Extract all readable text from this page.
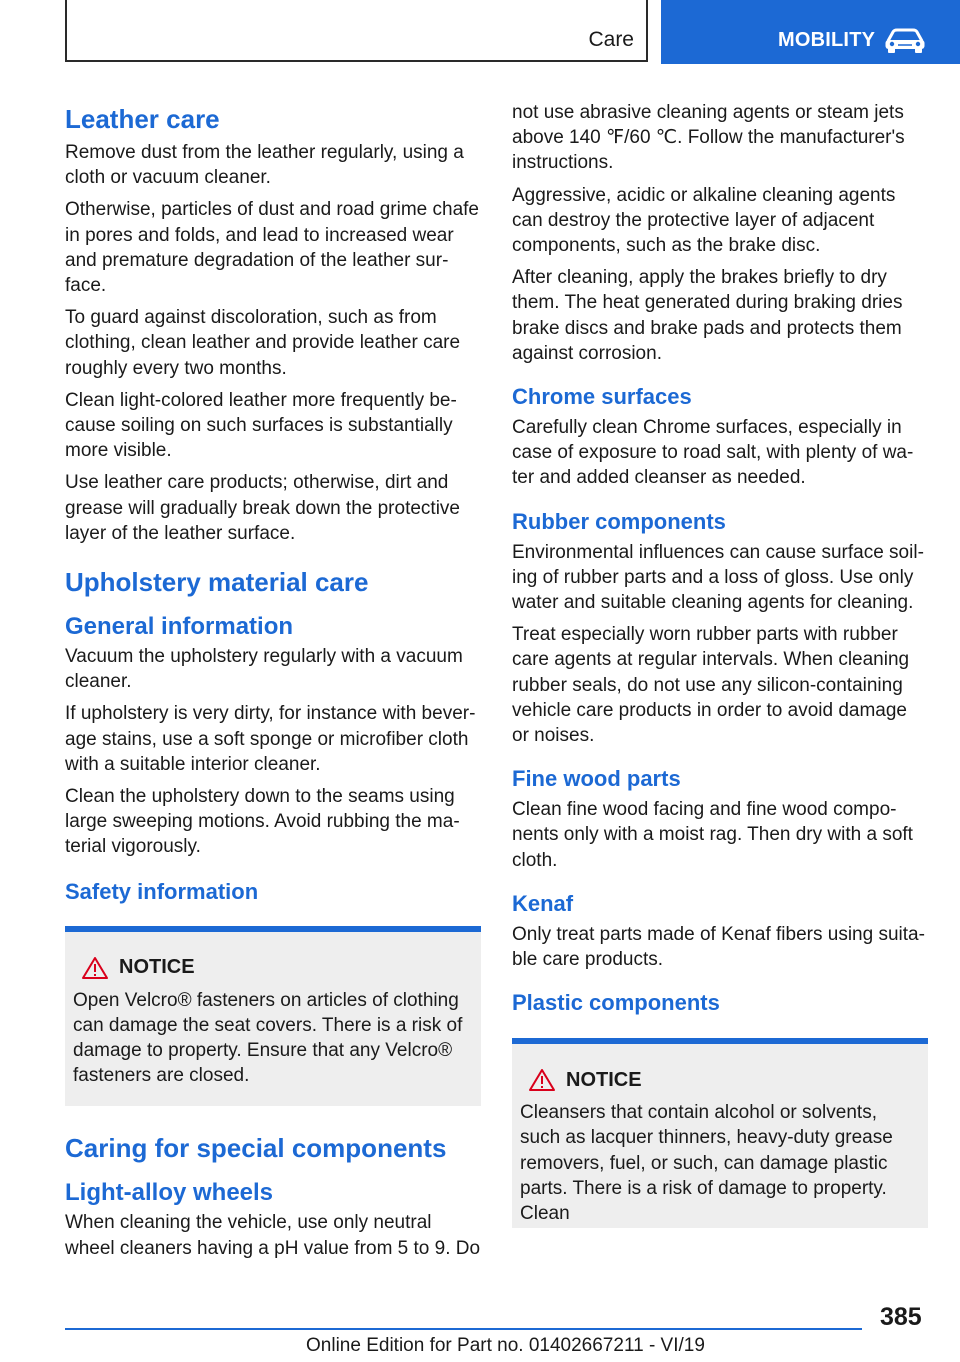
Care	MOBILITY
Leather care

Remove dust from the leather regularly, using a cloth or vacuum cleaner.

Otherwise, particles of dust and road grime chafe in pores and folds, and lead to increased wear and premature degradation of the leather surface.

To guard against discoloration, such as from clothing, clean leather and provide leather care roughly every two months.

Clean light-colored leather more frequently because soiling on such surfaces is substantially more visible.

Use leather care products; otherwise, dirt and grease will gradually break down the protective layer of the leather surface.

Upholstery material care
General information

Vacuum the upholstery regularly with a vacuum cleaner.

If upholstery is very dirty, for instance with beverage stains, use a soft sponge or microfiber cloth with a suitable interior cleaner.

Clean the upholstery down to the seams using large sweeping motions. Avoid rubbing the material vigorously.

Safety information
NOTICE

Open Velcro® fasteners on articles of clothing can damage the seat covers. There is a risk of damage to property. Ensure that any Velcro® fasteners are closed.

Caring for special components
Light-alloy wheels

When cleaning the vehicle, use only neutral wheel cleaners having a pH value from 5 to 9. Do

not use abrasive cleaning agents or steam jets above 140 ℉/60 ℃. Follow the manufacturer's instructions.

Aggressive, acidic or alkaline cleaning agents can destroy the protective layer of adjacent components, such as the brake disc.

After cleaning, apply the brakes briefly to dry them. The heat generated during braking dries brake discs and brake pads and protects them against corrosion.

Chrome surfaces

Carefully clean Chrome surfaces, especially in case of exposure to road salt, with plenty of water and added cleanser as needed.

Rubber components

Environmental influences can cause surface soiling of rubber parts and a loss of gloss. Use only water and suitable cleaning agents for cleaning.

Treat especially worn rubber parts with rubber care agents at regular intervals. When cleaning rubber seals, do not use any silicon-containing vehicle care products in order to avoid damage or noises.

Fine wood parts

Clean fine wood facing and fine wood components only with a moist rag. Then dry with a soft cloth.

Kenaf

Only treat parts made of Kenaf fibers using suitable care products.

Plastic components
NOTICE

Cleansers that contain alcohol or solvents, such as lacquer thinners, heavy-duty grease removers, fuel, or such, can damage plastic parts. There is a risk of damage to property. Clean

385
Online Edition for Part no. 01402667211 - VI/19
